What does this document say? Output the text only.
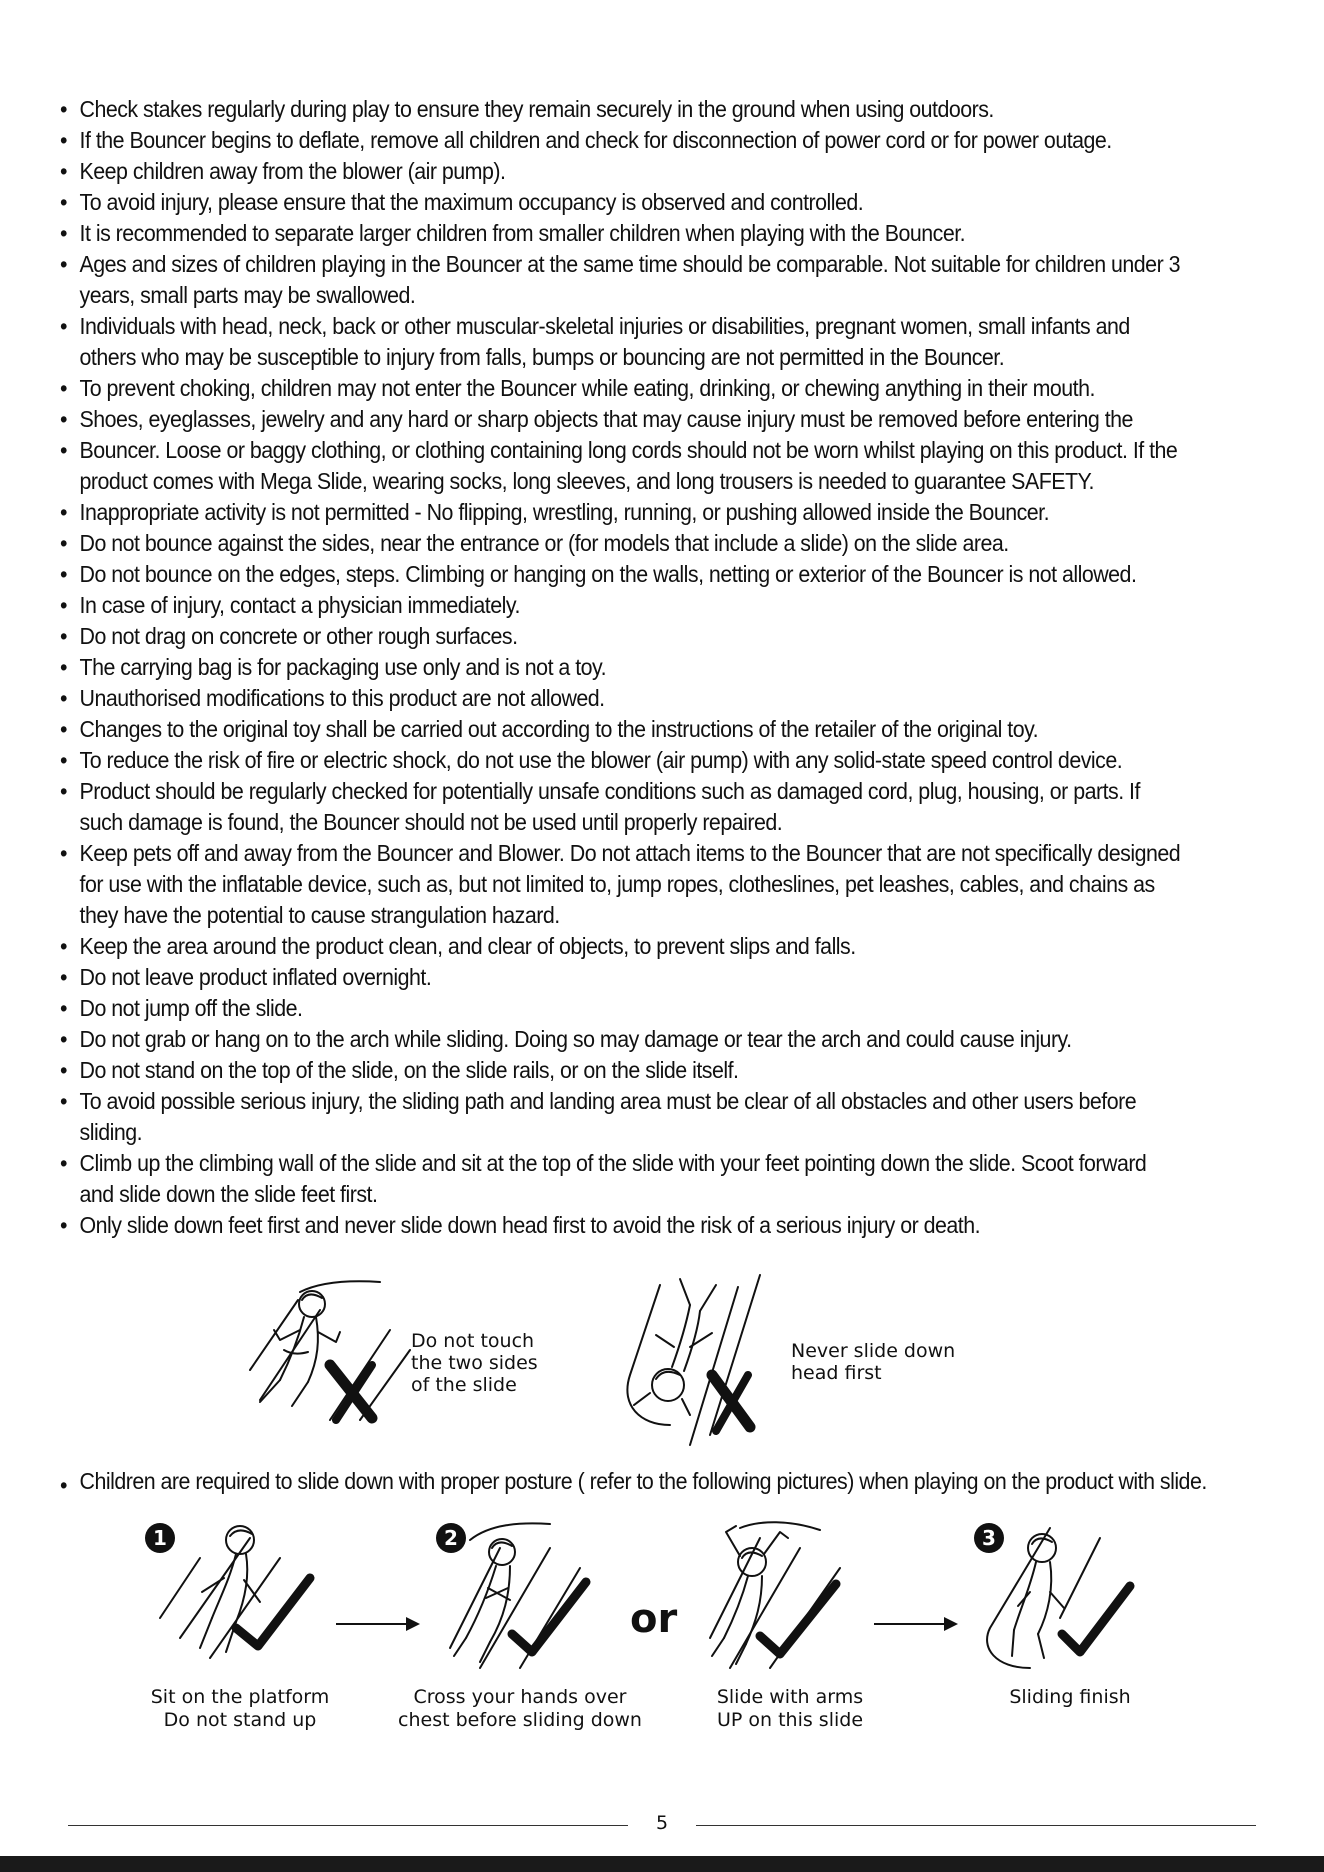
• Check stakes regularly during play to ensure they remain securely in the ground when using outdoors.
• If the Bouncer begins to deflate, remove all children and check for disconnection of power cord or for power outage.
• Keep children away from the blower (air pump).
• To avoid injury, please ensure that the maximum occupancy is observed and controlled.
• It is recommended to separate larger children from smaller children when playing with the Bouncer.
• Ages and sizes of children playing in the Bouncer at the same time should be comparable. Not suitable for children under 3 years, small parts may be swallowed.
• Individuals with head, neck, back or other muscular-skeletal injuries or disabilities, pregnant women, small infants and others who may be susceptible to injury from falls, bumps or bouncing are not permitted in the Bouncer.
• To prevent choking, children may not enter the Bouncer while eating, drinking, or chewing anything in their mouth.
• Shoes, eyeglasses, jewelry and any hard or sharp objects that may cause injury must be removed before entering the
• Bouncer. Loose or baggy clothing, or clothing containing long cords should not be worn whilst playing on this product. If the product comes with Mega Slide, wearing socks, long sleeves, and long trousers is needed to guarantee SAFETY.
• Inappropriate activity is not permitted - No flipping, wrestling, running, or pushing allowed inside the Bouncer.
• Do not bounce against the sides, near the entrance or (for models that include a slide) on the slide area.
• Do not bounce on the edges, steps. Climbing or hanging on the walls, netting or exterior of the Bouncer is not allowed.
• In case of injury, contact a physician immediately.
• Do not drag on concrete or other rough surfaces.
• The carrying bag is for packaging use only and is not a toy.
• Unauthorised modifications to this product are not allowed.
• Changes to the original toy shall be carried out according to the instructions of the retailer of the original toy.
• To reduce the risk of fire or electric shock, do not use the blower (air pump) with any solid-state speed control device.
• Product should be regularly checked for potentially unsafe conditions such as damaged cord, plug, housing, or parts. If such damage is found, the Bouncer should not be used until properly repaired.
• Keep pets off and away from the Bouncer and Blower. Do not attach items to the Bouncer that are not specifically designed for use with the inflatable device, such as, but not limited to, jump ropes, clotheslines, pet leashes, cables, and chains as they have the potential to cause strangulation hazard.
• Keep the area around the product clean, and clear of objects, to prevent slips and falls.
• Do not leave product inflated overnight.
• Do not jump off the slide.
• Do not grab or hang on to the arch while sliding. Doing so may damage or tear the arch and could cause injury.
• Do not stand on the top of the slide, on the slide rails, or on the slide itself.
• To avoid possible serious injury, the sliding path and landing area must be clear of all obstacles and other users before sliding.
• Climb up the climbing wall of the slide and sit at the top of the slide with your feet pointing down the slide. Scoot forward and slide down the slide feet first.
• Only slide down feet first and never slide down head first to avoid the risk of a serious injury or death.
Do not touch
the two sides
of the slide
Never slide down
head first
• Children are required to slide down with proper posture ( refer to the following pictures) when playing on the product with slide.
1
Sit on the platform
Do not stand up
2
Cross your hands over
chest before sliding down
or
Slide with arms
UP on this slide
3
Sliding finish
5
